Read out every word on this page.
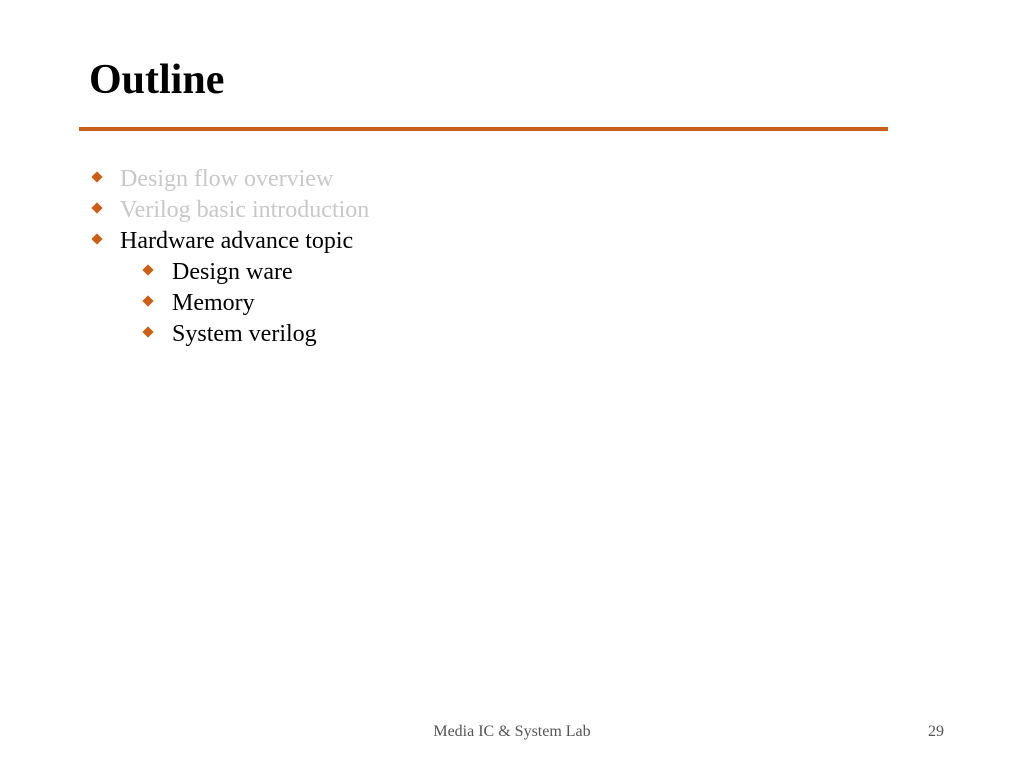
Outline
Design flow overview
Verilog basic introduction
Hardware advance topic
Design ware
Memory
System verilog
Media IC & System Lab	29
